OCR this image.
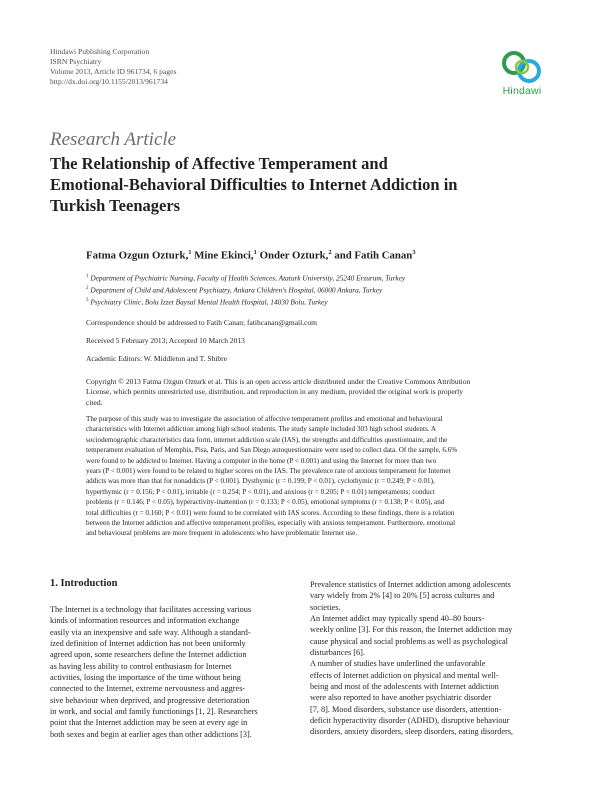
Hindawi Publishing Corporation
ISRN Psychiatry
Volume 2013, Article ID 961734, 6 pages
http://dx.doi.org/10.1155/2013/961734
Hindawi
Research Article
The Relationship of Affective Temperament and
Emotional-Behavioral Difficulties to Internet Addiction in
Turkish Teenagers
Fatma Ozgun Ozturk,$^1$ Mine Ekinci,$^1$ Onder Ozturk,$^2$ and Fatih Canan$^3$
$^1$ Department of Psychiatric Nursing, Faculty of Health Sciences, Ataturk University, 25240 Erzurum, Turkey
$^2$ Department of Child and Adolescent Psychiatry, Ankara Children's Hospital, 06000 Ankara, Turkey
$^3$ Psychiatry Clinic, Bolu Izzet Baysal Mental Health Hospital, 14030 Bolu, Turkey
Correspondence should be addressed to Fatih Canan; fatihcanan@gmail.com
Received 5 February 2013; Accepted 10 March 2013
Academic Editors: W. Middleton and T. Shibre
Copyright © 2013 Fatma Ozgun Ozturk et al. This is an open access article distributed under the Creative Commons Attribution
License, which permits unrestricted use, distribution, and reproduction in any medium, provided the original work is properly
cited.
The purpose of this study was to investigate the association of affective temperament profiles and emotional and behavioural
characteristics with Internet addiction among high school students. The study sample included 303 high school students. A
sociodemographic characteristics data form, internet addiction scale (IAS), the strengths and difficulties questionnaire, and the
temperament evaluation of Memphis, Pisa, Paris, and San Diego autoquestionnaire were used to collect data. Of the sample, 6.6%
were found to be addicted to Internet. Having a computer in the home (P < 0.001) and using the Internet for more than two
years (P < 0.001) were found to be related to higher scores on the IAS. The prevalence rate of anxious temperament for Internet
addicts was more than that for nonaddicts (P < 0.001). Dysthymic (r = 0.199; P < 0.01), cyclothymic (r = 0.249; P < 0.01),
hyperthymic (r = 0.156; P < 0.01), irritable (r = 0.254; P < 0.01), and anxious (r = 0.205; P < 0.01) temperaments; conduct
problems (r = 0.146; P < 0.05), hyperactivity-inattention (r = 0.133; P < 0.05), emotional symptoms (r = 0.138; P < 0.05), and
total difficulties (r = 0.160; P < 0.01) were found to be correlated with IAS scores. According to these findings, there is a relation
between the Internet addiction and affective temperament profiles, especially with anxious temperament. Furthermore, emotional
and behavioural problems are more frequent in adolescents who have problematic Internet use.
1. Introduction
The Internet is a technology that facilitates accessing various
kinds of information resources and information exchange
easily via an inexpensive and safe way. Although a standard-
ized definition of Internet addiction has not been uniformly
agreed upon, some researchers define the Internet addiction
as having less ability to control enthusiasm for Internet
activities, losing the importance of the time without being
connected to the Internet, extreme nervousness and aggres-
sive behaviour when deprived, and progressive deterioration
in work, and social and family functionings [1, 2]. Researchers
point that the Internet addiction may be seen at every age in
both sexes and begin at earlier ages than other addictions [3].
Prevalence statistics of Internet addiction among adolescents
vary widely from 2% [4] to 20% [5] across cultures and
societies.
An Internet addict may typically spend 40–80 hours-
weekly online [3]. For this reason, the Internet addiction may
cause physical and social problems as well as psychological
disturbances [6].
A number of studies have underlined the unfavorable
effects of Internet addiction on physical and mental well-
being and most of the adolescents with Internet addiction
were also reported to have another psychiatric disorder
[7, 8]. Mood disorders, substance use disorders, attention-
deficit hyperactivity disorder (ADHD), disruptive behaviour
disorders, anxiety disorders, sleep disorders, eating disorders,
